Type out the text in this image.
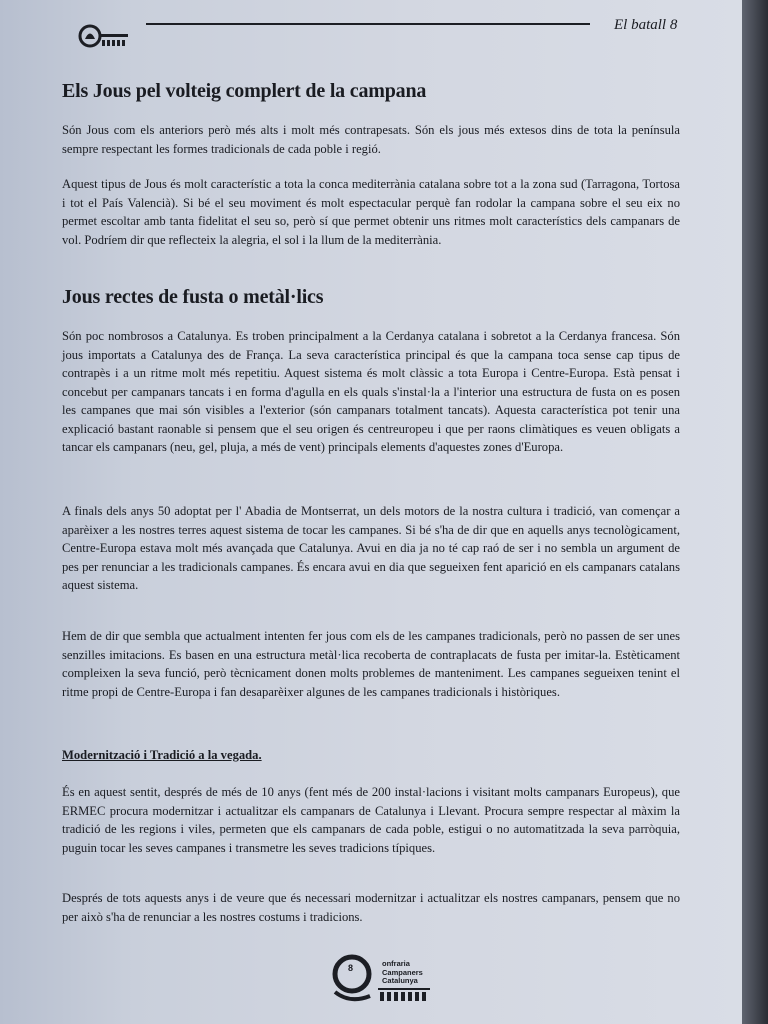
El batall 8
Els Jous pel volteig complert de la campana

Són Jous com els anteriors però més alts i molt més contrapesats. Són els jous més extesos dins de tota la península sempre respectant les formes tradicionals de cada poble i regió.

Aquest tipus de Jous és molt característic a tota la conca mediterrània catalana sobre tot a la zona sud (Tarragona, Tortosa i tot el País Valencià). Si bé el seu moviment és molt espectacular perquè fan rodolar la campana sobre el seu eix no permet escoltar amb tanta fidelitat el seu so, però sí que permet obtenir uns ritmes molt característics dels campanars de vol. Podríem dir que reflecteix la alegria, el sol i la llum de la mediterrània.

Jous rectes de fusta o metàl·lics

Són poc nombrosos a Catalunya. Es troben principalment a la Cerdanya catalana i sobretot a la Cerdanya francesa. Són jous importats a Catalunya des de França. La seva característica principal és que la campana toca sense cap tipus de contrapès i a un ritme molt més repetitiu. Aquest sistema és molt clàssic a tota Europa i Centre-Europa. Està pensat i concebut per campanars tancats i en forma d'agulla en els quals s'instal·la a l'interior una estructura de fusta on es posen les campanes que mai són visibles a l'exterior (són campanars totalment tancats). Aquesta característica pot tenir una explicació bastant raonable si pensem que el seu origen és centreuropeu i que per raons climàtiques es veuen obligats a tancar els campanars (neu, gel, pluja, a més de vent) principals elements d'aquestes zones d'Europa.

A finals dels anys 50 adoptat per l' Abadia de Montserrat, un dels motors de la nostra cultura i tradició, van començar a aparèixer a les nostres terres aquest sistema de tocar les campanes. Si bé s'ha de dir que en aquells anys tecnològicament, Centre-Europa estava molt més avançada que Catalunya. Avui en dia ja no té cap raó de ser i no sembla un argument de pes per renunciar a les tradicionals campanes. És encara avui en dia que segueixen fent aparició en els campanars catalans aquest sistema.

Hem de dir que sembla que actualment intenten fer jous com els de les campanes tradicionals, però no passen de ser unes senzilles imitacions. Es basen en una estructura metàl·lica recoberta de contraplacats de fusta per imitar-la. Estèticament compleixen la seva funció, però tècnicament donen molts problemes de manteniment. Les campanes segueixen tenint el ritme propi de Centre-Europa i fan desaparèixer algunes de les campanes tradicionals i històriques.

Modernització i Tradició a la vegada.

És en aquest sentit, després de més de 10 anys (fent més de 200 instal·lacions i visitant molts campanars Europeus), que ERMEC procura modernitzar i actualitzar els campanars de Catalunya i Llevant. Procura sempre respectar al màxim la tradició de les regions i viles, permeten que els campanars de cada poble, estigui o no automatitzada la seva parròquia, puguin tocar les seves campanes i transmetre les seves tradicions típiques.

Després de tots aquests anys i de veure que és necessari modernitzar i actualitzar els nostres campanars, pensem que no per això s'ha de renunciar a les nostres costums i tradicions.

8	onfraria
Campaners
Catalunya
